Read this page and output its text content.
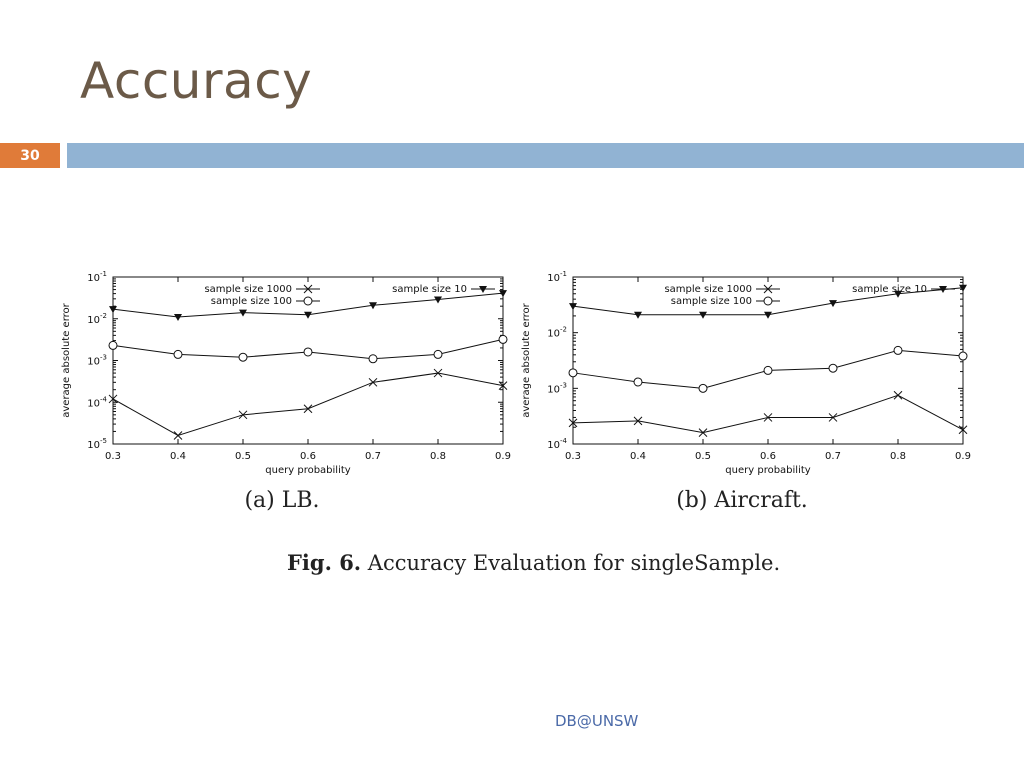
Accuracy
30
$10^{-1}$
$10^{-2}$
$10^{-3}$
$10^{-4}$
$10^{-5}$
0.3	0.4	0.5	0.6	0.7	0.8	0.9
query probability
average absolute error
sample size 1000
sample size 100
sample size 10
$10^{-1}$
$10^{-2}$
$10^{-3}$
$10^{-4}$
0.3	0.4	0.5	0.6	0.7	0.8	0.9
query probability
average absolute error
sample size 1000
sample size 100
sample size 10
(a) LB.	(b) Aircraft.
Fig. 6. Accuracy Evaluation for singleSample.
DB@UNSW
